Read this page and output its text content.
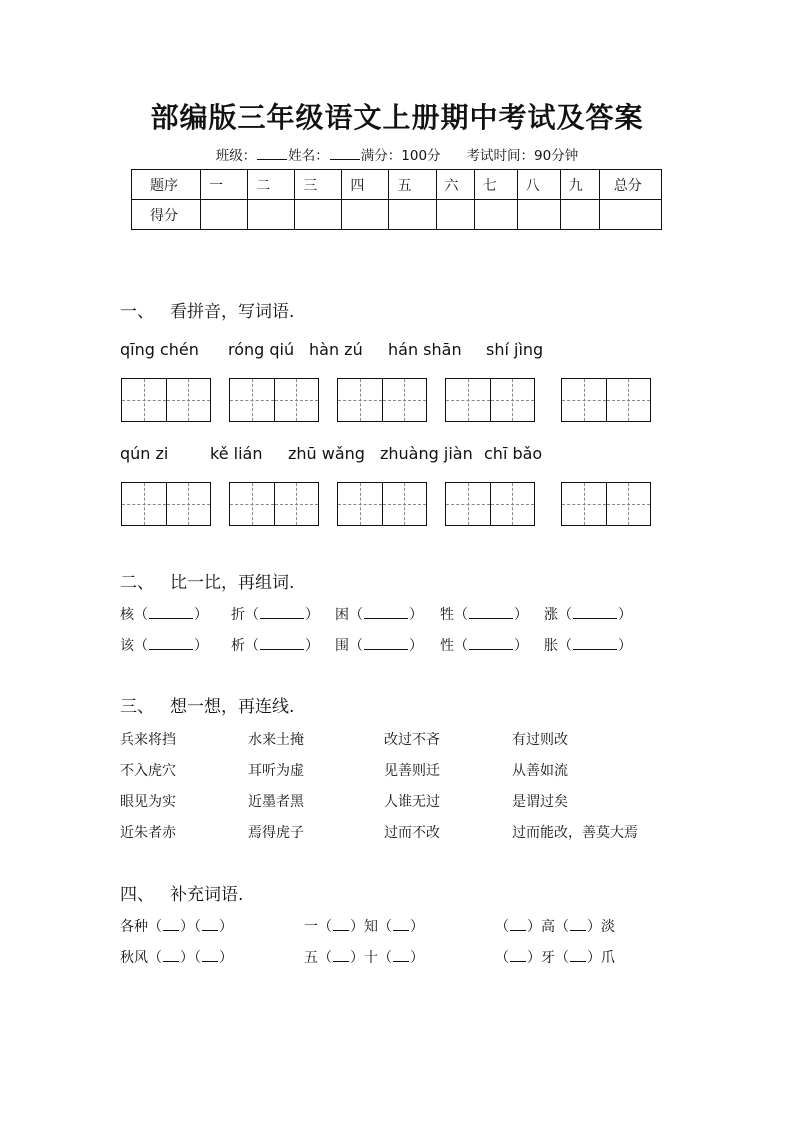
部编版三年级语文上册期中考试及答案
班级： 姓名： 满分：100分 考试时间：90分钟
题序	一	二	三	四	五	六	七	八	九	总分
得分										
一、 看拼音，写词语.
qīng chén róng qiú hàn zú hán shān shí jìng
qún zi	kě lián zhū wǎng zhuàng jiàn chī bǎo
二、 比一比，再组词.
核（	） 折（	） 困（	） 牲（	） 涨（	）
该（	） 析（	） 围（	） 性（	） 胀（	）
三、 想一想，再连线.
兵来将挡	水来土掩	改过不吝	有过则改
不入虎穴	耳听为虚	见善则迁	从善如流
眼见为实	近墨者黑	人谁无过	是谓过矣
近朱者赤	焉得虎子	过而不改	过而能改，善莫大焉
四、 补充词语.
各种（ ）（ ）	一（ ）知（ ）	（ ）高（ ）淡
秋风（ ）（ ）	五（ ）十（ ）	（ ）牙（ ）爪
